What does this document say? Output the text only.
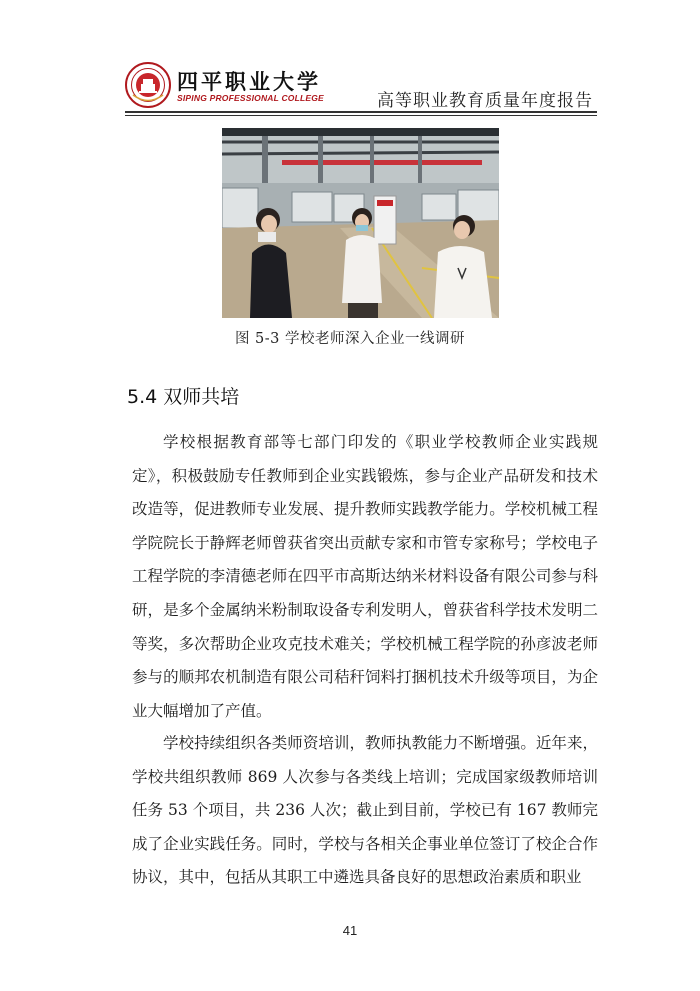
四平职业大学
SIPING PROFESSIONAL COLLEGE	高等职业教育质量年度报告
图 5-3 学校老师深入企业一线调研
5.4 双师共培

学校根据教育部等七部门印发的《职业学校教师企业实践规定》，积极鼓励专任教师到企业实践锻炼，参与企业产品研发和技术改造等，促进教师专业发展、提升教师实践教学能力。学校机械工程学院院长于静辉老师曾获省突出贡献专家和市管专家称号；学校电子工程学院的李清德老师在四平市高斯达纳米材料设备有限公司参与科研，是多个金属纳米粉制取设备专利发明人，曾获省科学技术发明二等奖，多次帮助企业攻克技术难关；学校机械工程学院的孙彦波老师参与的顺邦农机制造有限公司秸秆饲料打捆机技术升级等项目，为企业大幅增加了产值。

学校持续组织各类师资培训，教师执教能力不断增强。近年来，学校共组织教师 869 人次参与各类线上培训；完成国家级教师培训任务 53 个项目，共 236 人次；截止到目前，学校已有 167 教师完成了企业实践任务。同时，学校与各相关企事业单位签订了校企合作协议，其中，包括从其职工中遴选具备良好的思想政治素质和职业

41
